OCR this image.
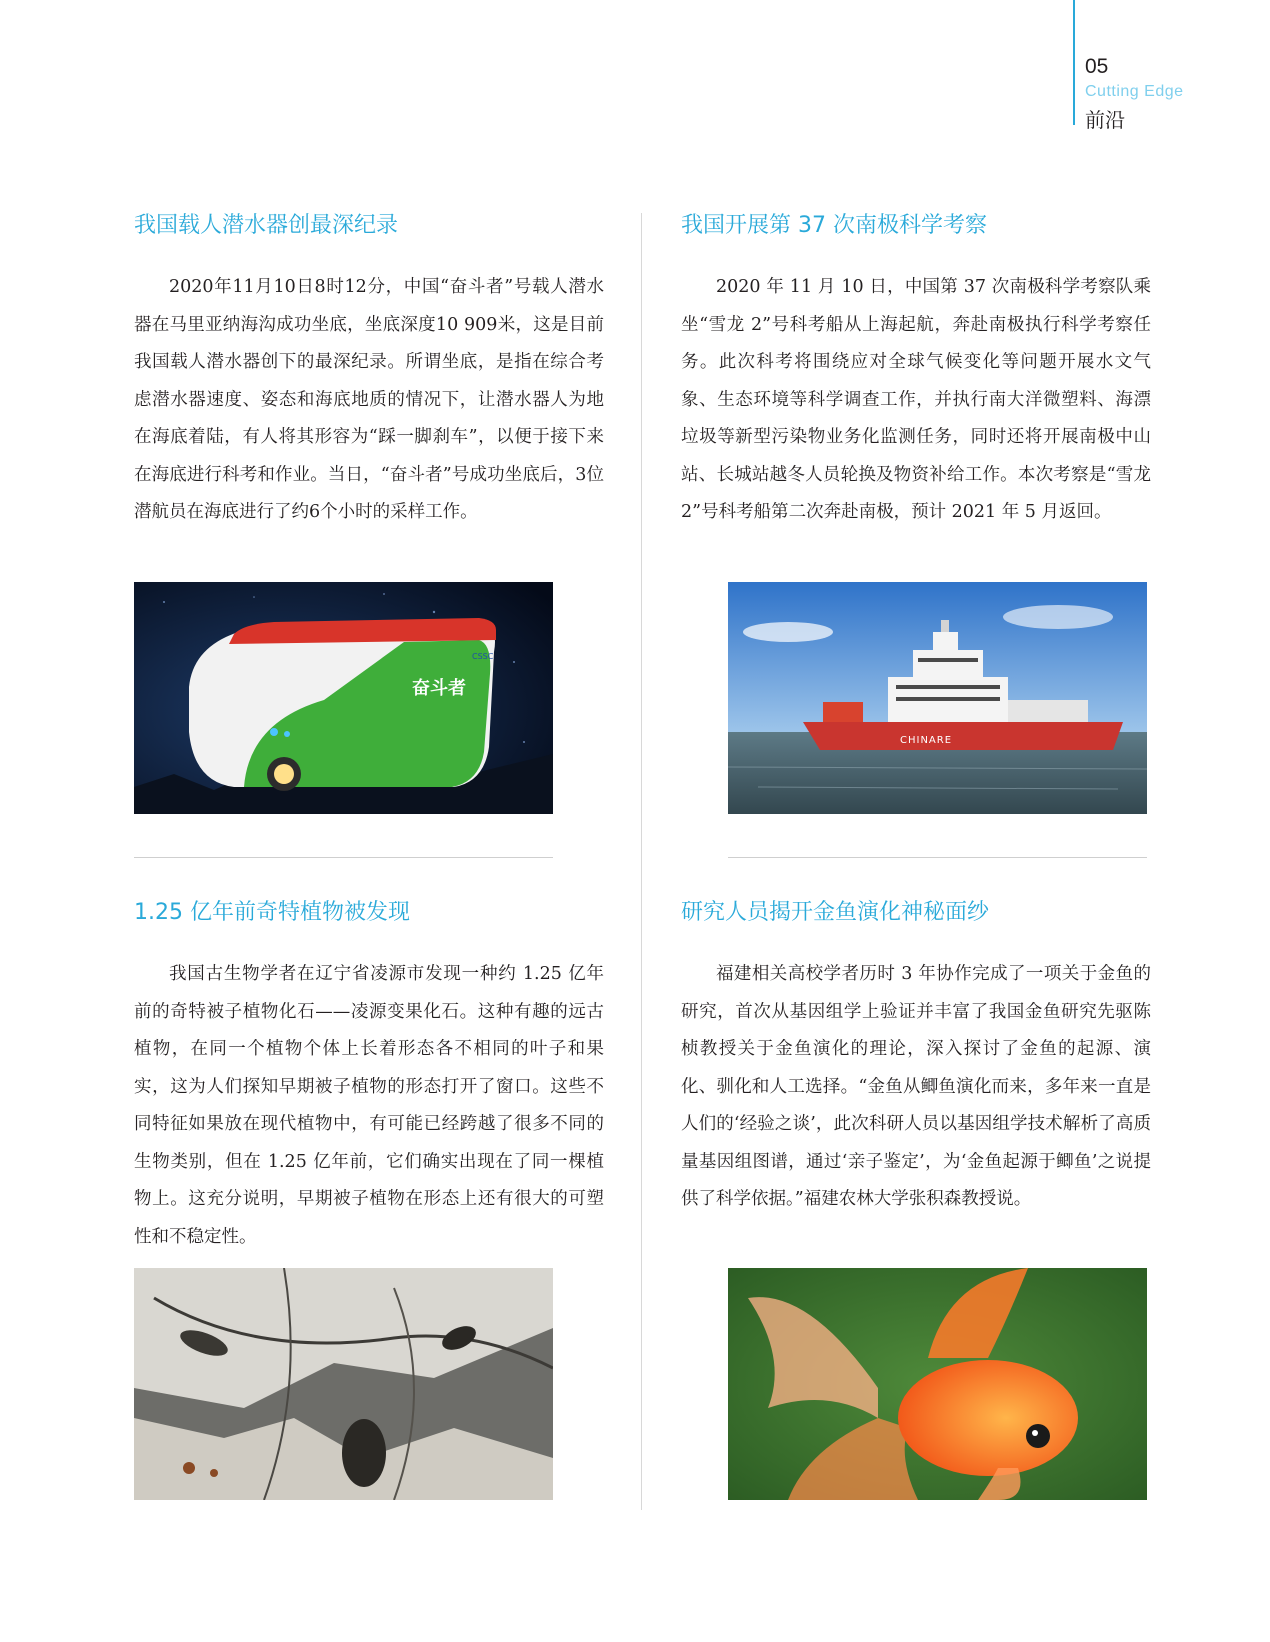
05
Cutting Edge
前沿
我国载人潜水器创最深纪录

2020年11月10日8时12分，中国“奋斗者”号载人潜水器在马里亚纳海沟成功坐底，坐底深度10 909米，这是目前我国载人潜水器创下的最深纪录。所谓坐底，是指在综合考虑潜水器速度、姿态和海底地质的情况下，让潜水器人为地在海底着陆，有人将其形容为“踩一脚刹车”，以便于接下来在海底进行科考和作业。当日，“奋斗者”号成功坐底后，3位潜航员在海底进行了约6个小时的采样工作。

奋斗者
CSSC
我国开展第 37 次南极科学考察

2020 年 11 月 10 日，中国第 37 次南极科学考察队乘坐“雪龙 2”号科考船从上海起航，奔赴南极执行科学考察任务。此次科考将围绕应对全球气候变化等问题开展水文气象、生态环境等科学调查工作，并执行南大洋微塑料、海漂垃圾等新型污染物业务化监测任务，同时还将开展南极中山站、长城站越冬人员轮换及物资补给工作。本次考察是“雪龙 2”号科考船第二次奔赴南极，预计 2021 年 5 月返回。

CHINARE
1.25 亿年前奇特植物被发现

我国古生物学者在辽宁省凌源市发现一种约 1.25 亿年前的奇特被子植物化石——凌源变果化石。这种有趣的远古植物，在同一个植物个体上长着形态各不相同的叶子和果实，这为人们探知早期被子植物的形态打开了窗口。这些不同特征如果放在现代植物中，有可能已经跨越了很多不同的生物类别，但在 1.25 亿年前，它们确实出现在了同一棵植物上。这充分说明，早期被子植物在形态上还有很大的可塑性和不稳定性。

研究人员揭开金鱼演化神秘面纱

福建相关高校学者历时 3 年协作完成了一项关于金鱼的研究，首次从基因组学上验证并丰富了我国金鱼研究先驱陈桢教授关于金鱼演化的理论，深入探讨了金鱼的起源、演化、驯化和人工选择。“金鱼从鲫鱼演化而来，多年来一直是人们的‘经验之谈’，此次科研人员以基因组学技术解析了高质量基因组图谱，通过‘亲子鉴定’，为‘金鱼起源于鲫鱼’之说提供了科学依据。”福建农林大学张积森教授说。
